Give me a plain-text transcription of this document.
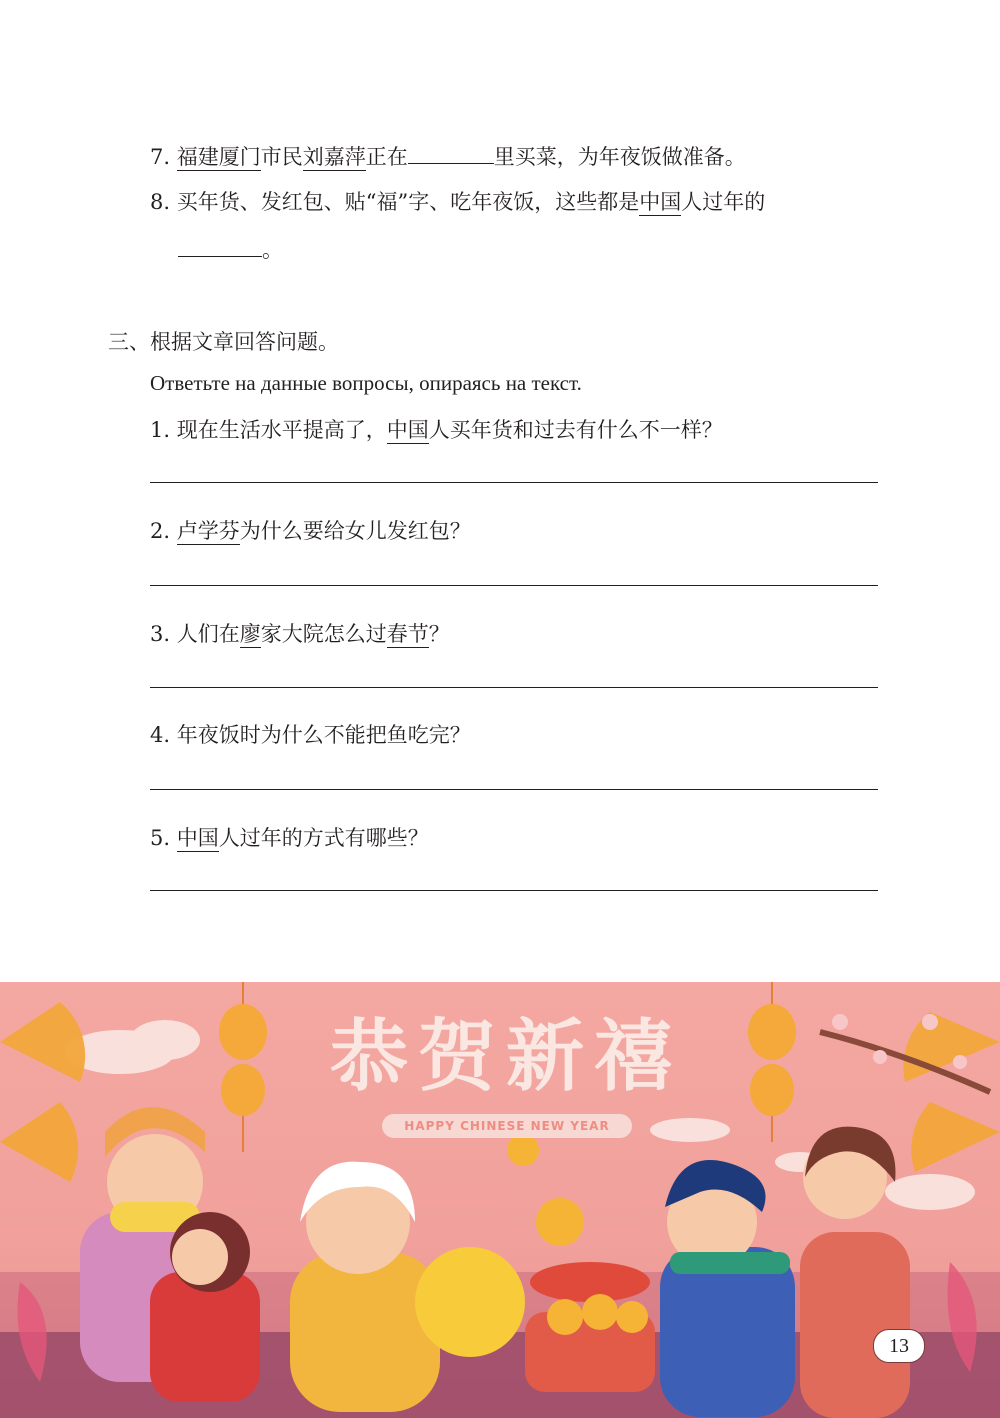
7. 福建厦门市民刘嘉萍正在	里买菜，为年夜饭做准备。
8. 买年货、发红包、贴“福”字、吃年夜饭，这些都是中国人过年的
。
三、根据文章回答问题。
Ответьте на данные вопросы, опираясь на текст.
1. 现在生活水平提高了，中国人买年货和过去有什么不一样？
2. 卢学芬为什么要给女儿发红包？
3. 人们在廖家大院怎么过春节？
4. 年夜饭时为什么不能把鱼吃完？
5. 中国人过年的方式有哪些？
恭贺新禧
HAPPY CHINESE NEW YEAR
13
